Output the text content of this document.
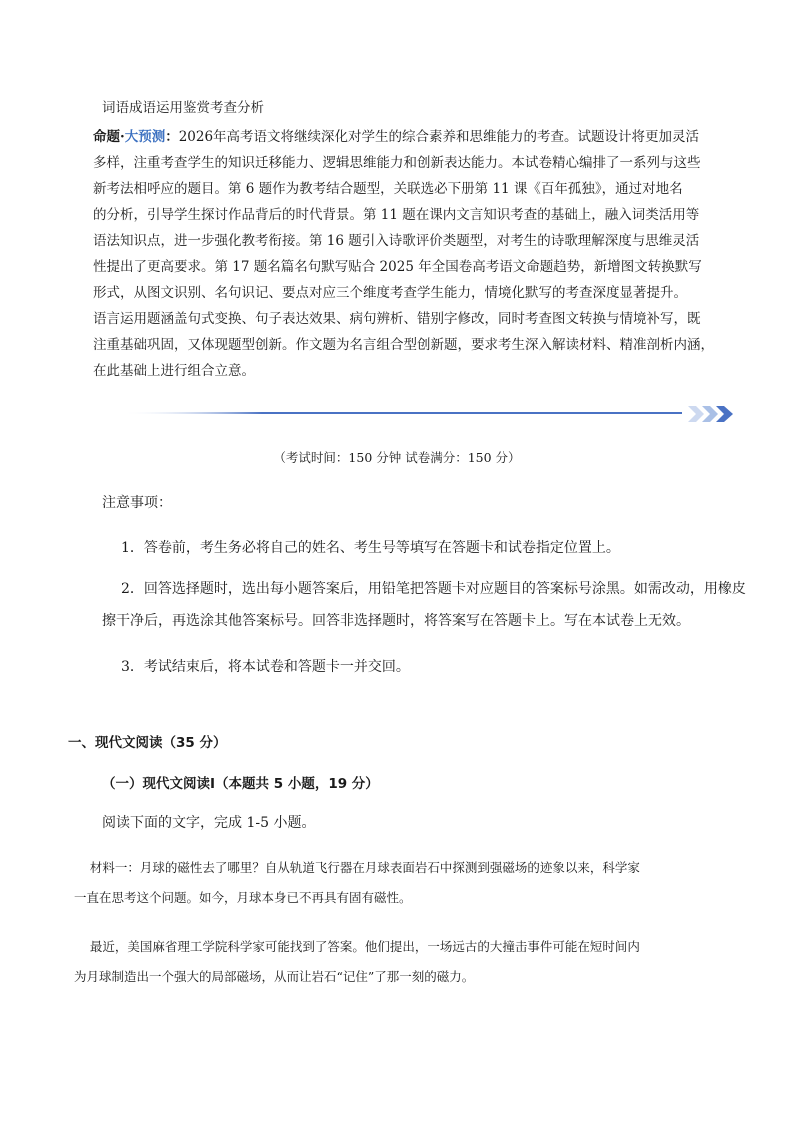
词语成语运用鉴赏考查分析
命题·大预测：2026年高考语文将继续深化对学生的综合素养和思维能力的考查。试题设计将更加灵活
多样，注重考查学生的知识迁移能力、逻辑思维能力和创新表达能力。本试卷精心编排了一系列与这些
新考法相呼应的题目。第 6 题作为教考结合题型，关联选必下册第 11 课《百年孤独》，通过对地名
的分析，引导学生探讨作品背后的时代背景。第 11 题在课内文言知识考查的基础上，融入词类活用等
语法知识点，进一步强化教考衔接。第 16 题引入诗歌评价类题型，对考生的诗歌理解深度与思维灵活
性提出了更高要求。第 17 题名篇名句默写贴合 2025 年全国卷高考语文命题趋势，新增图文转换默写
形式，从图文识别、名句识记、要点对应三个维度考查学生能力，情境化默写的考查深度显著提升。
语言运用题涵盖句式变换、句子表达效果、病句辨析、错别字修改，同时考查图文转换与情境补写，既
注重基础巩固，又体现题型创新。作文题为名言组合型创新题，要求考生深入解读材料、精准剖析内涵，
在此基础上进行组合立意。
（考试时间：150 分钟 试卷满分：150 分）
注意事项：
1．答卷前，考生务必将自己的姓名、考生号等填写在答题卡和试卷指定位置上。
2．回答选择题时，选出每小题答案后，用铅笔把答题卡对应题目的答案标号涂黑。如需改动，用橡皮
擦干净后，再选涂其他答案标号。回答非选择题时，将答案写在答题卡上。写在本试卷上无效。
3．考试结束后，将本试卷和答题卡一并交回。
一、现代文阅读（35 分）
（一）现代文阅读Ⅰ（本题共 5 小题，19 分）
阅读下面的文字，完成 1-5 小题。
材料一：月球的磁性去了哪里？自从轨道飞行器在月球表面岩石中探测到强磁场的迹象以来，科学家
一直在思考这个问题。如今，月球本身已不再具有固有磁性。
最近，美国麻省理工学院科学家可能找到了答案。他们提出，一场远古的大撞击事件可能在短时间内
为月球制造出一个强大的局部磁场，从而让岩石“记住”了那一刻的磁力。
